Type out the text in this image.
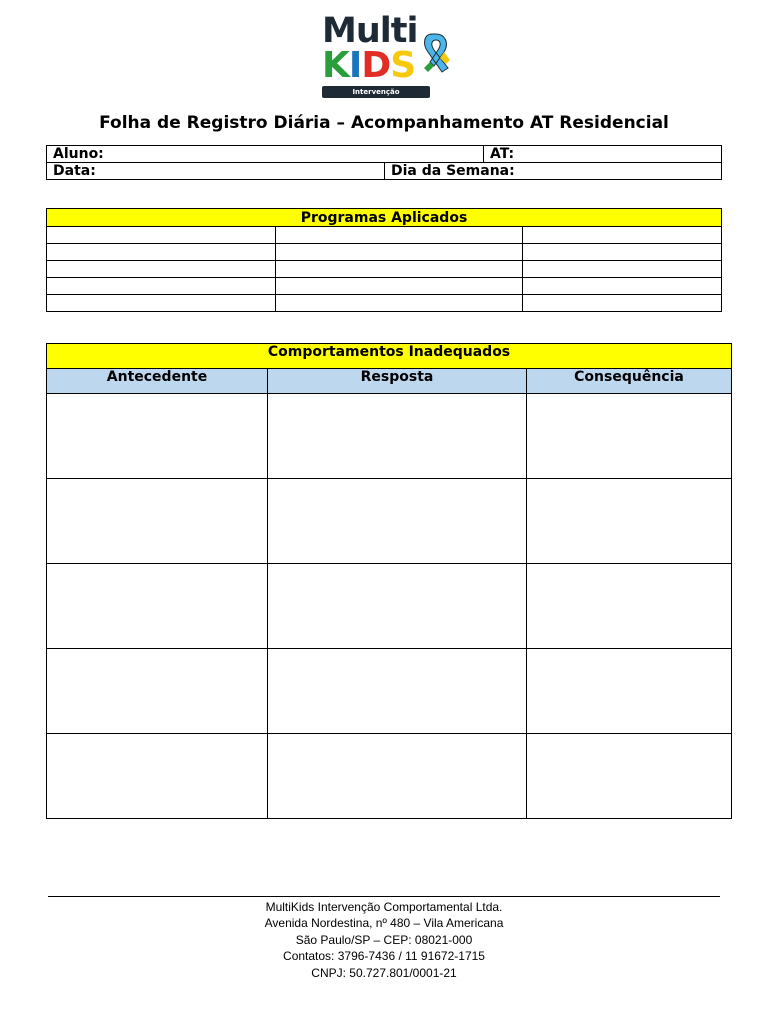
Multi
KIDS
Intervenção Comportamental
Folha de Registro Diária – Acompanhamento AT Residencial
Aluno:		AT:
Data:	Dia da Semana:	
Programas Aplicados		

Comportamentos Inadequados		
Antecedente	Resposta	Consequência

MultiKids Intervenção Comportamental Ltda.
Avenida Nordestina, nº 480 – Vila Americana
São Paulo/SP – CEP: 08021-000
Contatos: 3796-7436 / 11 91672-1715
CNPJ: 50.727.801/0001-21
